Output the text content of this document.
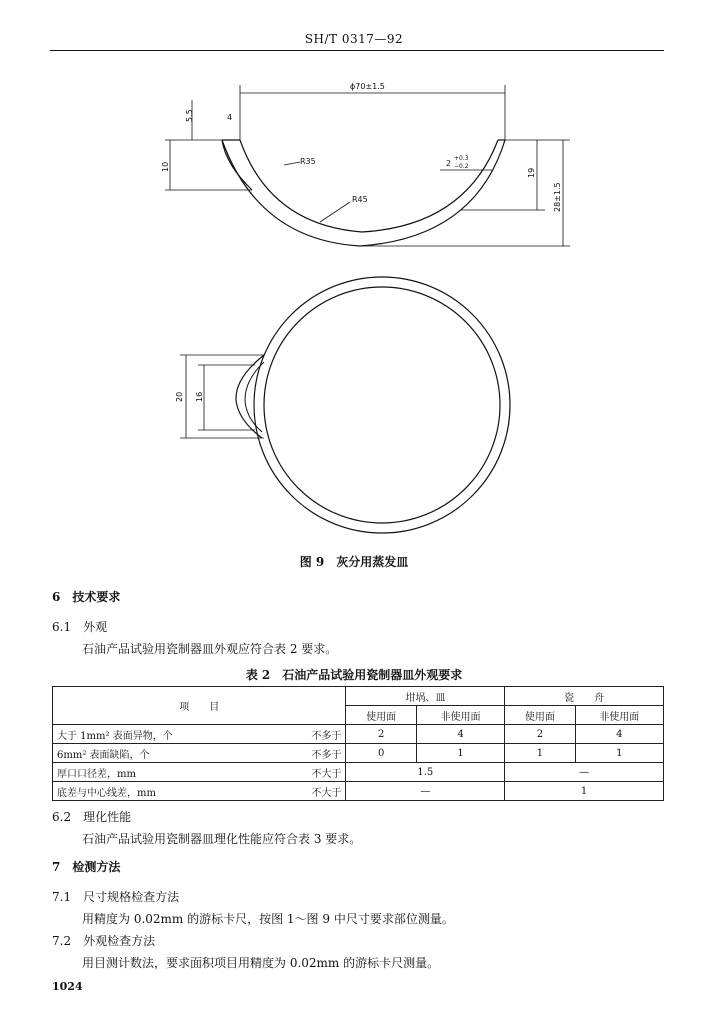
SH/T 0317—92
ϕ70±1.5
4
5.5
10
R35
R45
2
+0.3
−0.2
19
28±1.5
20 16
图 9　灰分用蒸发皿
6　技术要求
6.1　外观
石油产品试验用瓷制器皿外观应符合表 2 要求。
表 2　石油产品试验用瓷制器皿外观要求
项　　目		坩埚、皿		瓷　　舟	
		使用面	非使用面	使用面	非使用面
大于 1mm² 表面异物，个	不多于	2	4	2	4
6mm² 表面缺陷，个	不多于	0	1	1	1
厚口口径差，mm	不大于	1.5		—	
底差与中心线差，mm	不大于	—		1	
6.2　理化性能
石油产品试验用瓷制器皿理化性能应符合表 3 要求。
7　检测方法
7.1　尺寸规格检查方法
用精度为 0.02mm 的游标卡尺，按图 1～图 9 中尺寸要求部位测量。
7.2　外观检查方法
用目测计数法，要求面积项目用精度为 0.02mm 的游标卡尺测量。
1024
